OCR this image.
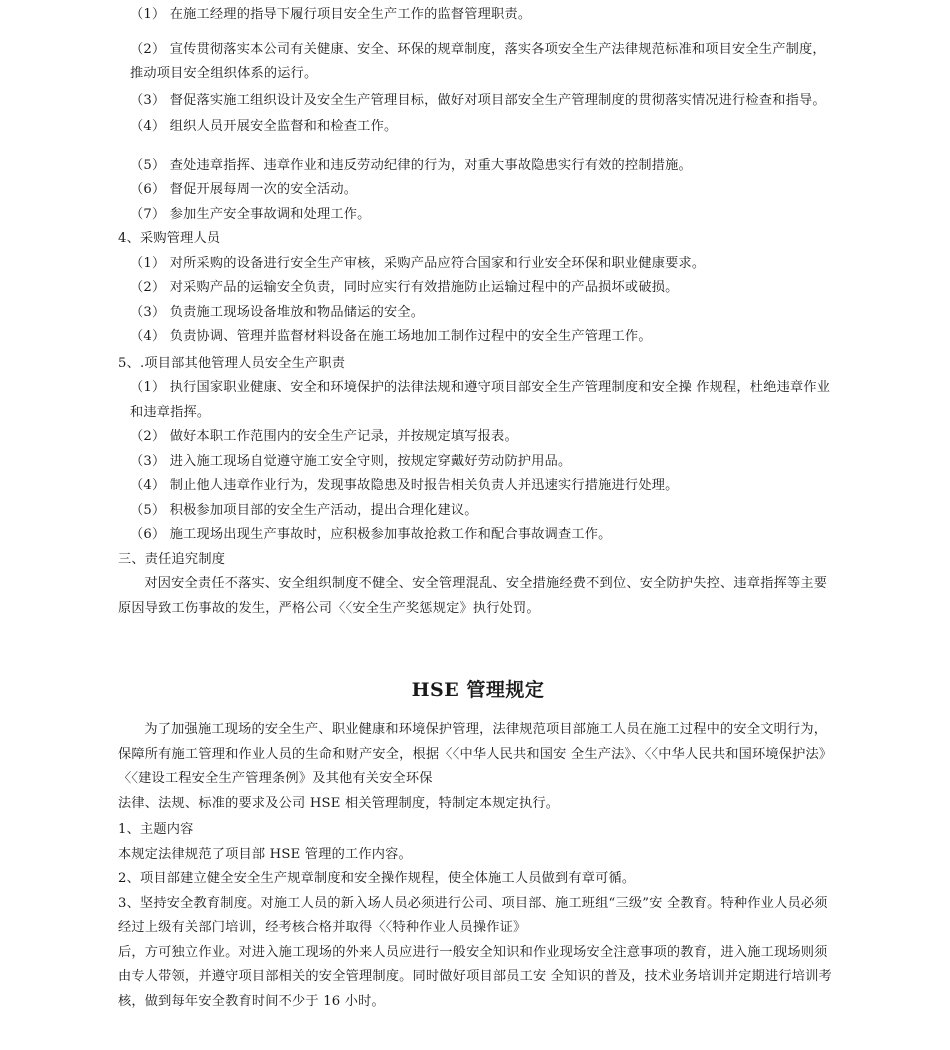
（1） 在施工经理的指导下履行项目安全生产工作的监督管理职责。

（2） 宣传贯彻落实本公司有关健康、安全、环保的规章制度，落实各项安全生产法律规范标准和项目安全生产制度，推动项目安全组织体系的运行。

（3） 督促落实施工组织设计及安全生产管理目标，做好对项目部安全生产管理制度的贯彻落实情况进行检查和指导。

（4） 组织人员开展安全监督和和检查工作。

（5） 查处违章指挥、违章作业和违反劳动纪律的行为，对重大事故隐患实行有效的控制措施。

（6） 督促开展每周一次的安全活动。

（7） 参加生产安全事故调和处理工作。

4、采购管理人员

（1） 对所采购的设备进行安全生产审核，采购产品应符合国家和行业安全环保和职业健康要求。

（2） 对采购产品的运输安全负责，同时应实行有效措施防止运输过程中的产品损坏或破损。

（3） 负责施工现场设备堆放和物品储运的安全。

（4） 负责协调、管理并监督材料设备在施工场地加工制作过程中的安全生产管理工作。

5、.项目部其他管理人员安全生产职责

（1） 执行国家职业健康、安全和环境保护的法律法规和遵守项目部安全生产管理制度和安全操 作规程，杜绝违章作业和违章指挥。

（2） 做好本职工作范围内的安全生产记录，并按规定填写报表。

（3） 进入施工现场自觉遵守施工安全守则，按规定穿戴好劳动防护用品。

（4） 制止他人违章作业行为，发现事故隐患及时报告相关负责人并迅速实行措施进行处理。

（5） 积极参加项目部的安全生产活动，提出合理化建议。

（6） 施工现场出现生产事故时，应积极参加事故抢救工作和配合事故调查工作。

三、责任追究制度

对因安全责任不落实、安全组织制度不健全、安全管理混乱、安全措施经费不到位、安全防护失控、违章指挥等主要原因导致工伤事故的发生，严格公司〈〈安全生产奖惩规定》执行处罚。

HSE 管理规定

为了加强施工现场的安全生产、职业健康和环境保护管理，法律规范项目部施工人员在施工过程中的安全文明行为，保障所有施工管理和作业人员的生命和财产安全，根据〈〈中华人民共和国安 全生产法》、〈〈中华人民共和国环境保护法》〈〈建设工程安全生产管理条例》及其他有关安全环保

法律、法规、标准的要求及公司 HSE 相关管理制度，特制定本规定执行。

1、主题内容

本规定法律规范了项目部 HSE 管理的工作内容。

2、项目部建立健全安全生产规章制度和安全操作规程，使全体施工人员做到有章可循。

3、坚持安全教育制度。对施工人员的新入场人员必须进行公司、项目部、施工班组“三级”安 全教育。特种作业人员必须经过上级有关部门培训，经考核合格并取得〈〈特种作业人员操作证》

后，方可独立作业。对进入施工现场的外来人员应进行一般安全知识和作业现场安全注意事项的教育，进入施工现场则须由专人带领，并遵守项目部相关的安全管理制度。同时做好项目部员工安 全知识的普及，技术业务培训并定期进行培训考核，做到每年安全教育时间不少于 16 小时。
